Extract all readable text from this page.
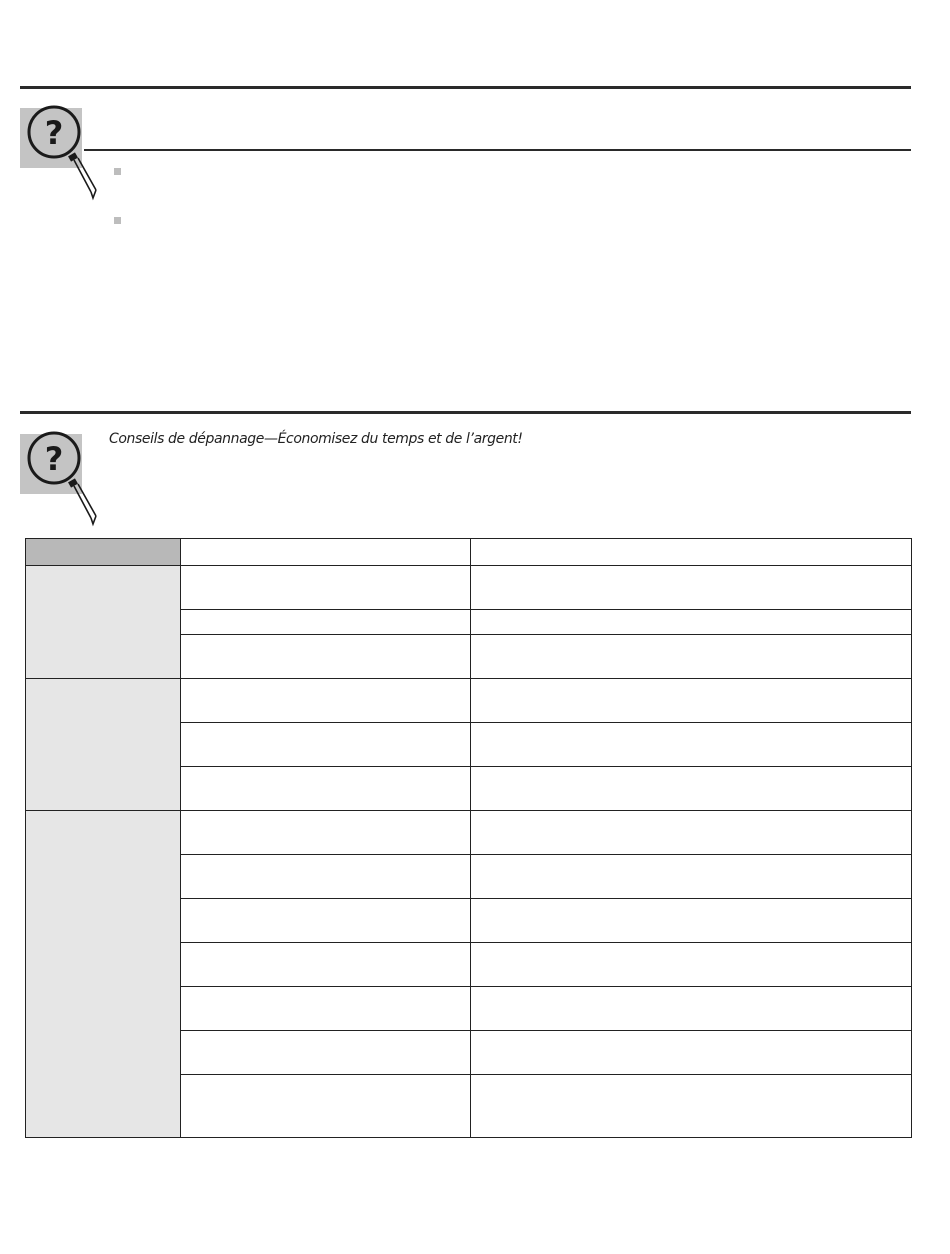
?
?

Conseils de dépannage—Économisez du temps et de l’argent!
